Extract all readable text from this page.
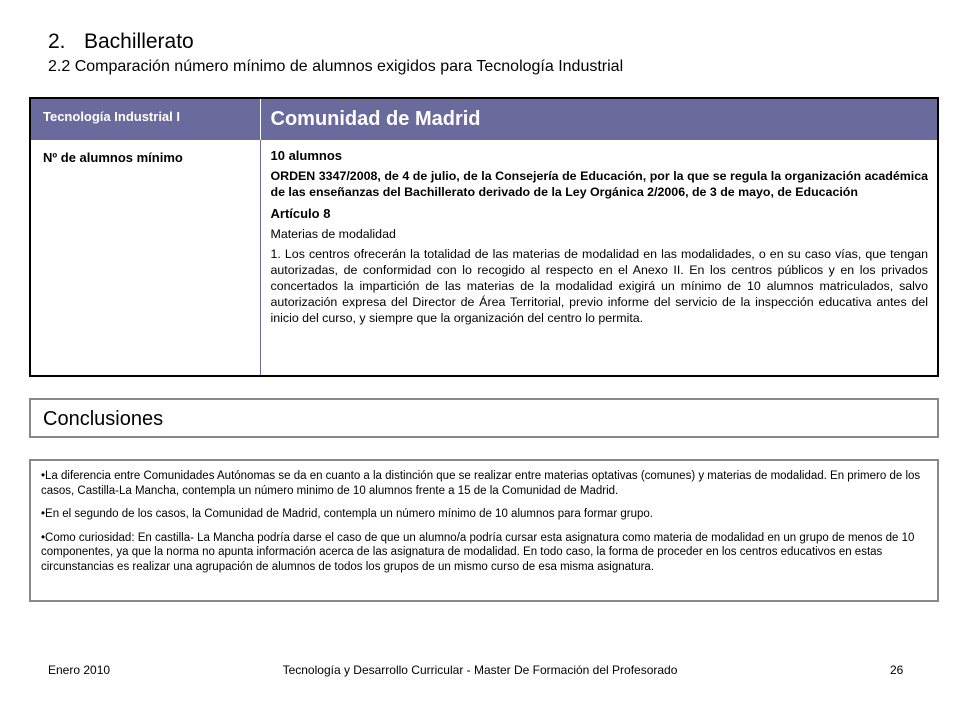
2. Bachillerato
2.2 Comparación número mínimo de alumnos exigidos para Tecnología Industrial
Tecnología Industrial I	Comunidad de Madrid
Nº de alumnos mínimo	10 alumnos
ORDEN 3347/2008, de 4 de julio, de la Consejería de Educación, por la que se regula la organización académica de las enseñanzas del Bachillerato derivado de la Ley Orgánica 2/2006, de 3 de mayo, de Educación
Artículo 8
Materias de modalidad
1. Los centros ofrecerán la totalidad de las materias de modalidad en las modalidades, o en su caso vías, que tengan autorizadas, de conformidad con lo recogido al respecto en el Anexo II. En los centros públicos y en los privados concertados la impartición de las materias de la modalidad exigirá un mínimo de 10 alumnos matriculados, salvo autorización expresa del Director de Área Territorial, previo informe del servicio de la inspección educativa antes del inicio del curso, y siempre que la organización del centro lo permita.
Conclusiones
•La diferencia entre Comunidades Autónomas se da en cuanto a la distinción que se realizar entre materias optativas (comunes) y materias de modalidad. En primero de los casos, Castilla-La Mancha, contempla un número minimo de 10 alumnos frente a 15 de la Comunidad de Madrid.
•En el segundo de los casos, la Comunidad de Madrid, contempla un número mínimo de 10 alumnos para formar grupo.
•Como curiosidad: En castilla- La Mancha podría darse el caso de que un alumno/a podría cursar esta asignatura como materia de modalidad en un grupo de menos de 10 componentes, ya que la norma no apunta información acerca de las asignatura de modalidad. En todo caso, la forma de proceder en los centros educativos en estas circunstancias es realizar una agrupación de alumnos de todos los grupos de un mismo curso de esa misma asignatura.
Enero 2010	Tecnología y Desarrollo Curricular - Master De Formación del Profesorado	26
